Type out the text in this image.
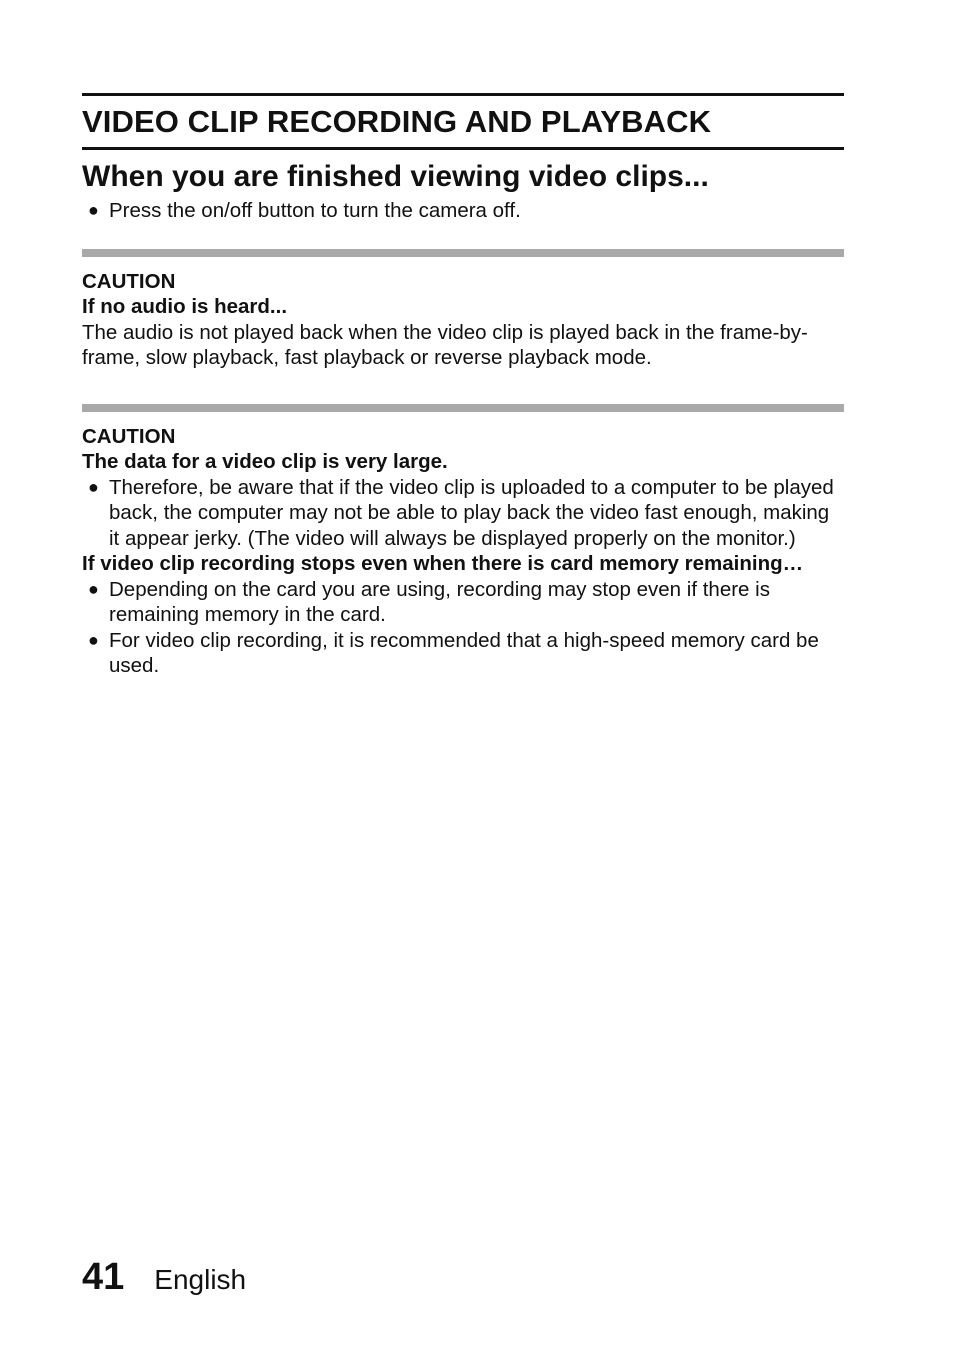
VIDEO CLIP RECORDING AND PLAYBACK
When you are finished viewing video clips...
● Press the on/off button to turn the camera off.

CAUTION

If no audio is heard...

The audio is not played back when the video clip is played back in the frame-by-frame, slow playback, fast playback or reverse playback mode.

CAUTION

The data for a video clip is very large.

● Therefore, be aware that if the video clip is uploaded to a computer to be played back, the computer may not be able to play back the video fast enough, making it appear jerky. (The video will always be displayed properly on the monitor.)

If video clip recording stops even when there is card memory remaining…

● Depending on the card you are using, recording may stop even if there is remaining memory in the card.
● For video clip recording, it is recommended that a high-speed memory card be used.
41 English
